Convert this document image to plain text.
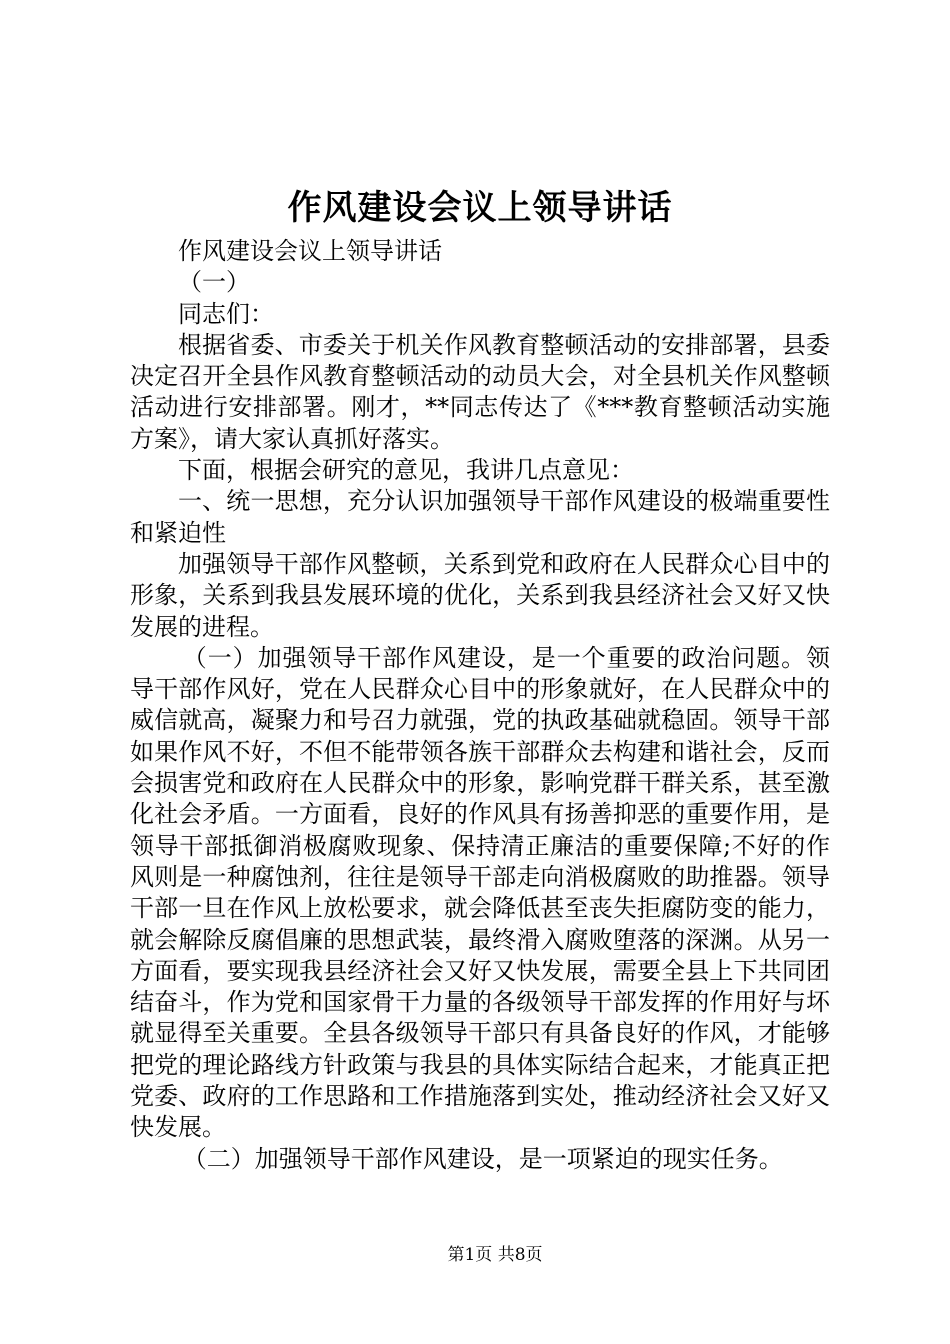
作风建设会议上领导讲话

作风建设会议上领导讲话

（一）

同志们：

根据省委、市委关于机关作风教育整顿活动的安排部署，县委决定召开全县作风教育整顿活动的动员大会，对全县机关作风整顿活动进行安排部署。刚才，**同志传达了《***教育整顿活动实施方案》，请大家认真抓好落实。

下面，根据会研究的意见，我讲几点意见：

一、统一思想，充分认识加强领导干部作风建设的极端重要性和紧迫性

加强领导干部作风整顿，关系到党和政府在人民群众心目中的形象，关系到我县发展环境的优化，关系到我县经济社会又好又快发展的进程。

（一）加强领导干部作风建设，是一个重要的政治问题。领导干部作风好，党在人民群众心目中的形象就好，在人民群众中的威信就高，凝聚力和号召力就强，党的执政基础就稳固。领导干部如果作风不好，不但不能带领各族干部群众去构建和谐社会，反而会损害党和政府在人民群众中的形象，影响党群干群关系，甚至激化社会矛盾。一方面看，良好的作风具有扬善抑恶的重要作用，是领导干部抵御消极腐败现象、保持清正廉洁的重要保障;不好的作风则是一种腐蚀剂，往往是领导干部走向消极腐败的助推器。领导干部一旦在作风上放松要求，就会降低甚至丧失拒腐防变的能力，就会解除反腐倡廉的思想武装，最终滑入腐败堕落的深渊。从另一方面看，要实现我县经济社会又好又快发展，需要全县上下共同团结奋斗，作为党和国家骨干力量的各级领导干部发挥的作用好与坏就显得至关重要。全县各级领导干部只有具备良好的作风，才能够把党的理论路线方针政策与我县的具体实际结合起来，才能真正把党委、政府的工作思路和工作措施落到实处，推动经济社会又好又快发展。

（二）加强领导干部作风建设，是一项紧迫的现实任务。

第1页 共8页
